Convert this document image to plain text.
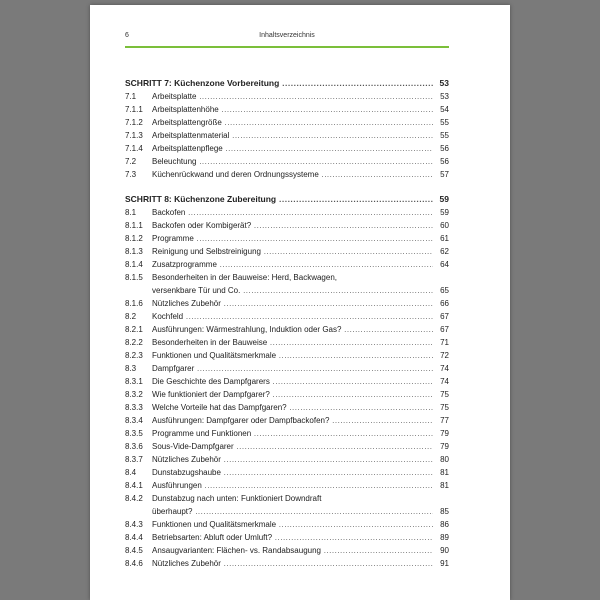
6	Inhaltsverzeichnis
SCHRITT 7: Küchenzone Vorbereitung .....	53
7.1 Arbeitsplatte .....	53
7.1.1 Arbeitsplattenhöhe .....	54
7.1.2 Arbeitsplattengröße .....	55
7.1.3 Arbeitsplattenmaterial .....	55
7.1.4 Arbeitsplattenpflege .....	56
7.2 Beleuchtung .....	56
7.3 Küchenrückwand und deren Ordnungssysteme .....	57
SCHRITT 8: Küchenzone Zubereitung .....	59
8.1 Backofen .....	59
8.1.1 Backofen oder Kombigerät? .....	60
8.1.2 Programme .....	61
8.1.3 Reinigung und Selbstreinigung .....	62
8.1.4 Zusatzprogramme .....	64
8.1.5 Besonderheiten in der Bauweise: Herd, Backwagen,
versenkbare Tür und Co. .....	65
8.1.6 Nützliches Zubehör .....	66
8.2 Kochfeld .....	67
8.2.1 Ausführungen: Wärmestrahlung, Induktion oder Gas? .....	67
8.2.2 Besonderheiten in der Bauweise .....	71
8.2.3 Funktionen und Qualitätsmerkmale .....	72
8.3 Dampfgarer .....	74
8.3.1 Die Geschichte des Dampfgarers .....	74
8.3.2 Wie funktioniert der Dampfgarer? .....	75
8.3.3 Welche Vorteile hat das Dampfgaren? .....	75
8.3.4 Ausführungen: Dampfgarer oder Dampfbackofen? .....	77
8.3.5 Programme und Funktionen .....	79
8.3.6 Sous-Vide-Dampfgarer .....	79
8.3.7 Nützliches Zubehör .....	80
8.4 Dunstabzugshaube .....	81
8.4.1 Ausführungen .....	81
8.4.2 Dunstabzug nach unten: Funktioniert Downdraft
überhaupt? .....	85
8.4.3 Funktionen und Qualitätsmerkmale .....	86
8.4.4 Betriebsarten: Abluft oder Umluft? .....	89
8.4.5 Ansaugvarianten: Flächen- vs. Randabsaugung .....	90
8.4.6 Nützliches Zubehör .....	91
